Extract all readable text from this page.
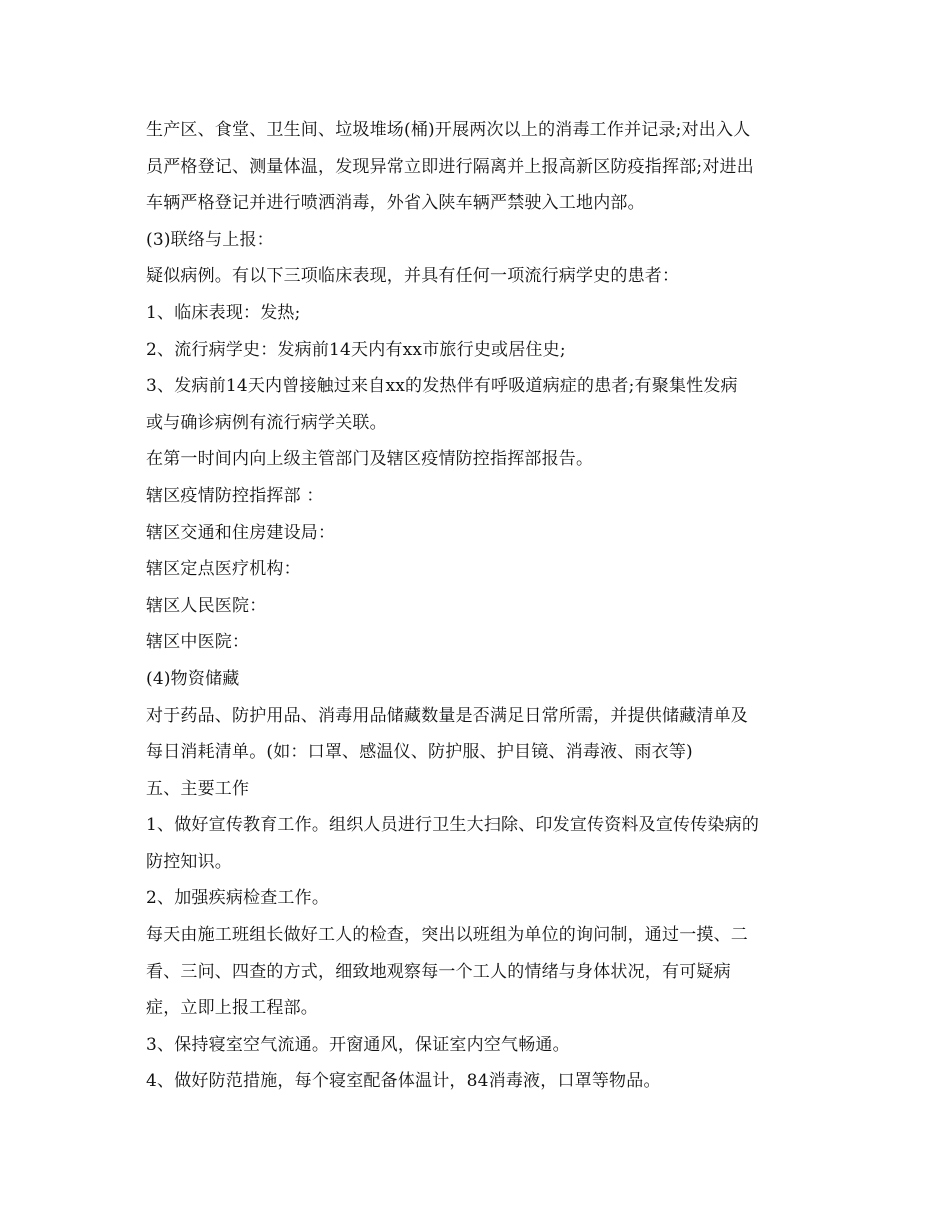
生产区、食堂、卫生间、垃圾堆场(桶)开展两次以上的消毒工作并记录;对出入人
员严格登记、测量体温，发现异常立即进行隔离并上报高新区防疫指挥部;对进出
车辆严格登记并进行喷洒消毒，外省入陕车辆严禁驶入工地内部。
(3)联络与上报：
疑似病例。有以下三项临床表现，并具有任何一项流行病学史的患者：
1、临床表现：发热;
2、流行病学史：发病前14天内有xx市旅行史或居住史;
3、发病前14天内曾接触过来自xx的发热伴有呼吸道病症的患者;有聚集性发病
或与确诊病例有流行病学关联。
在第一时间内向上级主管部门及辖区疫情防控指挥部报告。
辖区疫情防控指挥部 ：
辖区交通和住房建设局：
辖区定点医疗机构：
辖区人民医院：
辖区中医院：
(4)物资储藏
对于药品、防护用品、消毒用品储藏数量是否满足日常所需，并提供储藏清单及
每日消耗清单。(如：口罩、感温仪、防护服、护目镜、消毒液、雨衣等)
五、主要工作
1、做好宣传教育工作。组织人员进行卫生大扫除、印发宣传资料及宣传传染病的
防控知识。
2、加强疾病检查工作。
每天由施工班组长做好工人的检查，突出以班组为单位的询问制，通过一摸、二
看、三问、四查的方式，细致地观察每一个工人的情绪与身体状况，有可疑病
症，立即上报工程部。
3、保持寝室空气流通。开窗通风，保证室内空气畅通。
4、做好防范措施，每个寝室配备体温计，84消毒液，口罩等物品。
